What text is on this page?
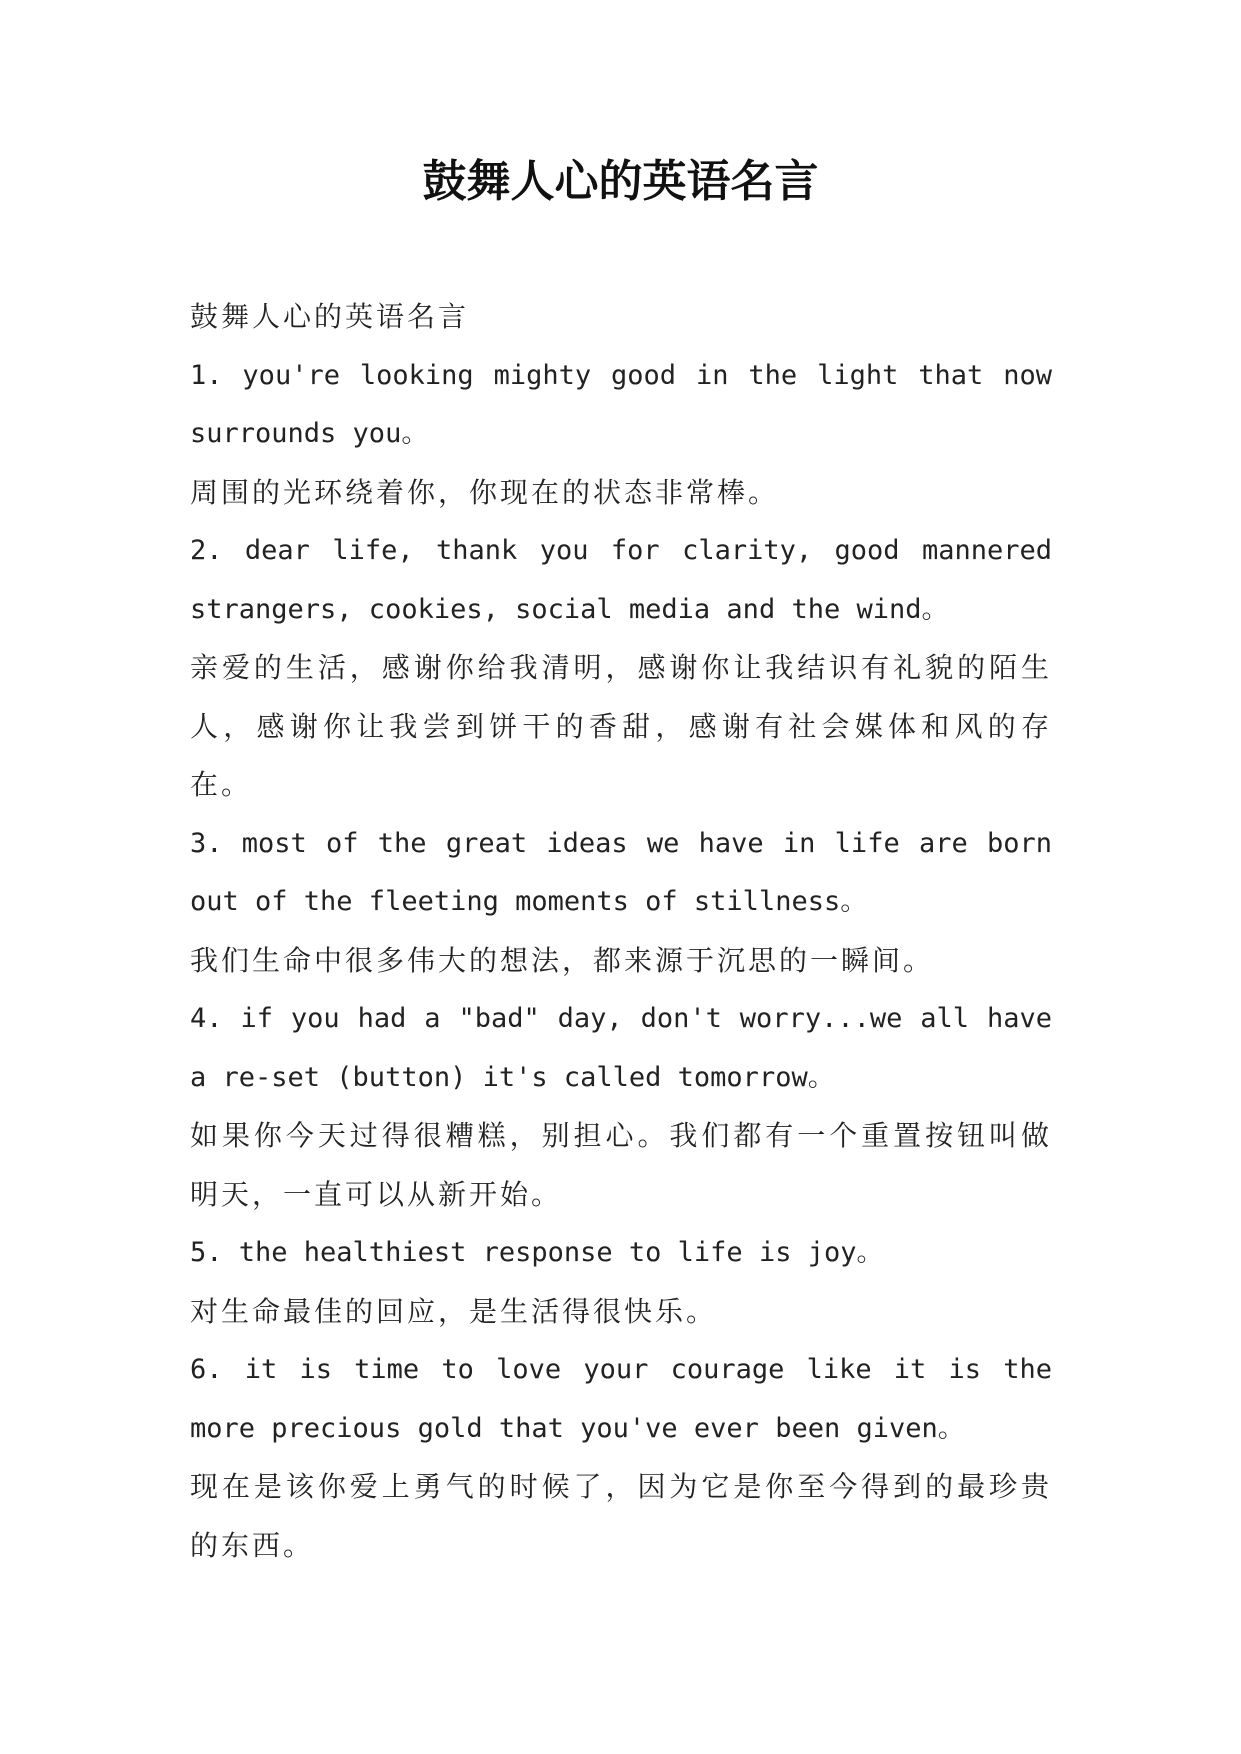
鼓舞人心的英语名言

鼓舞人心的英语名言

1. you're looking mighty good in the light that now surrounds you。

周围的光环绕着你，你现在的状态非常棒。

2. dear life, thank you for clarity, good mannered strangers, cookies, social media and the wind。

亲爱的生活，感谢你给我清明，感谢你让我结识有礼貌的陌生人，感谢你让我尝到饼干的香甜，感谢有社会媒体和风的存在。

3. most of the great ideas we have in life are born out of the fleeting moments of stillness。

我们生命中很多伟大的想法，都来源于沉思的一瞬间。

4. if you had a "bad" day, don't worry...we all have a re-set (button) it's called tomorrow。

如果你今天过得很糟糕，别担心。我们都有一个重置按钮叫做明天，一直可以从新开始。

5. the healthiest response to life is joy。

对生命最佳的回应，是生活得很快乐。

6. it is time to love your courage like it is the more precious gold that you've ever been given。

现在是该你爱上勇气的时候了，因为它是你至今得到的最珍贵的东西。
